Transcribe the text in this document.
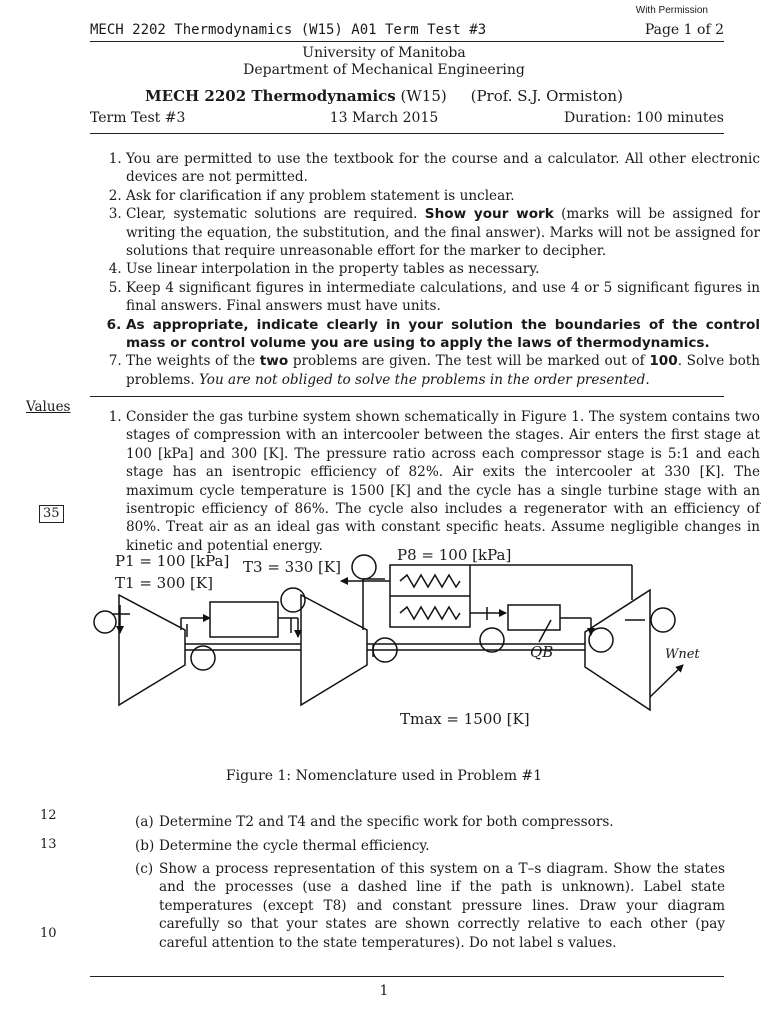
With Permission
MECH 2202 Thermodynamics (W15) A01 Term Test #3	Page 1 of 2
University of Manitoba
Department of Mechanical Engineering
MECH 2202 Thermodynamics (W15) (Prof. S.J. Ormiston)
13 March 2015
Term Test #3	Duration: 100 minutes
1. You are permitted to use the textbook for the course and a calculator. All other electronic devices are not permitted.
2. Ask for clarification if any problem statement is unclear.
3. Clear, systematic solutions are required. Show your work (marks will be assigned for writing the equation, the substitution, and the final answer). Marks will not be assigned for solutions that require unreasonable effort for the marker to decipher.
4. Use linear interpolation in the property tables as necessary.
5. Keep 4 significant figures in intermediate calculations, and use 4 or 5 significant figures in final answers. Final answers must have units.
6. As appropriate, indicate clearly in your solution the boundaries of the control mass or control volume you are using to apply the laws of thermodynamics.
7. The weights of the two problems are given. The test will be marked out of 100. Solve both problems. You are not obliged to solve the problems in the order presented.
Values
35
1. Consider the gas turbine system shown schematically in Figure 1. The system contains two stages of compression with an intercooler between the stages. Air enters the first stage at 100 [kPa] and 300 [K]. The pressure ratio across each compressor stage is 5:1 and each stage has an isentropic efficiency of 82%. Air exits the intercooler at 330 [K]. The maximum cycle temperature is 1500 [K] and the cycle has a single turbine stage with an isentropic efficiency of 86%. The cycle also includes a regenerator with an efficiency of 80%. Treat air as an ideal gas with constant specific heats. Assume negligible changes in kinetic and potential energy.
P1 = 100 [kPa]
T1 = 300 [K]
T3 = 330 [K]
P8 = 100 [kPa]
QB	Wnet
Tmax = 1500 [K]
Figure 1: Nomenclature used in Problem #1
12	(a) Determine T2 and T4 and the specific work for both compressors.
13	(b) Determine the cycle thermal efficiency.
10
(c) Show a process representation of this system on a T–s diagram. Show the states and the processes (use a dashed line if the path is unknown). Label state temperatures (except T8) and constant pressure lines. Draw your diagram carefully so that your states are shown correctly relative to each other (pay careful attention to the state temperatures). Do not label s values.
1
